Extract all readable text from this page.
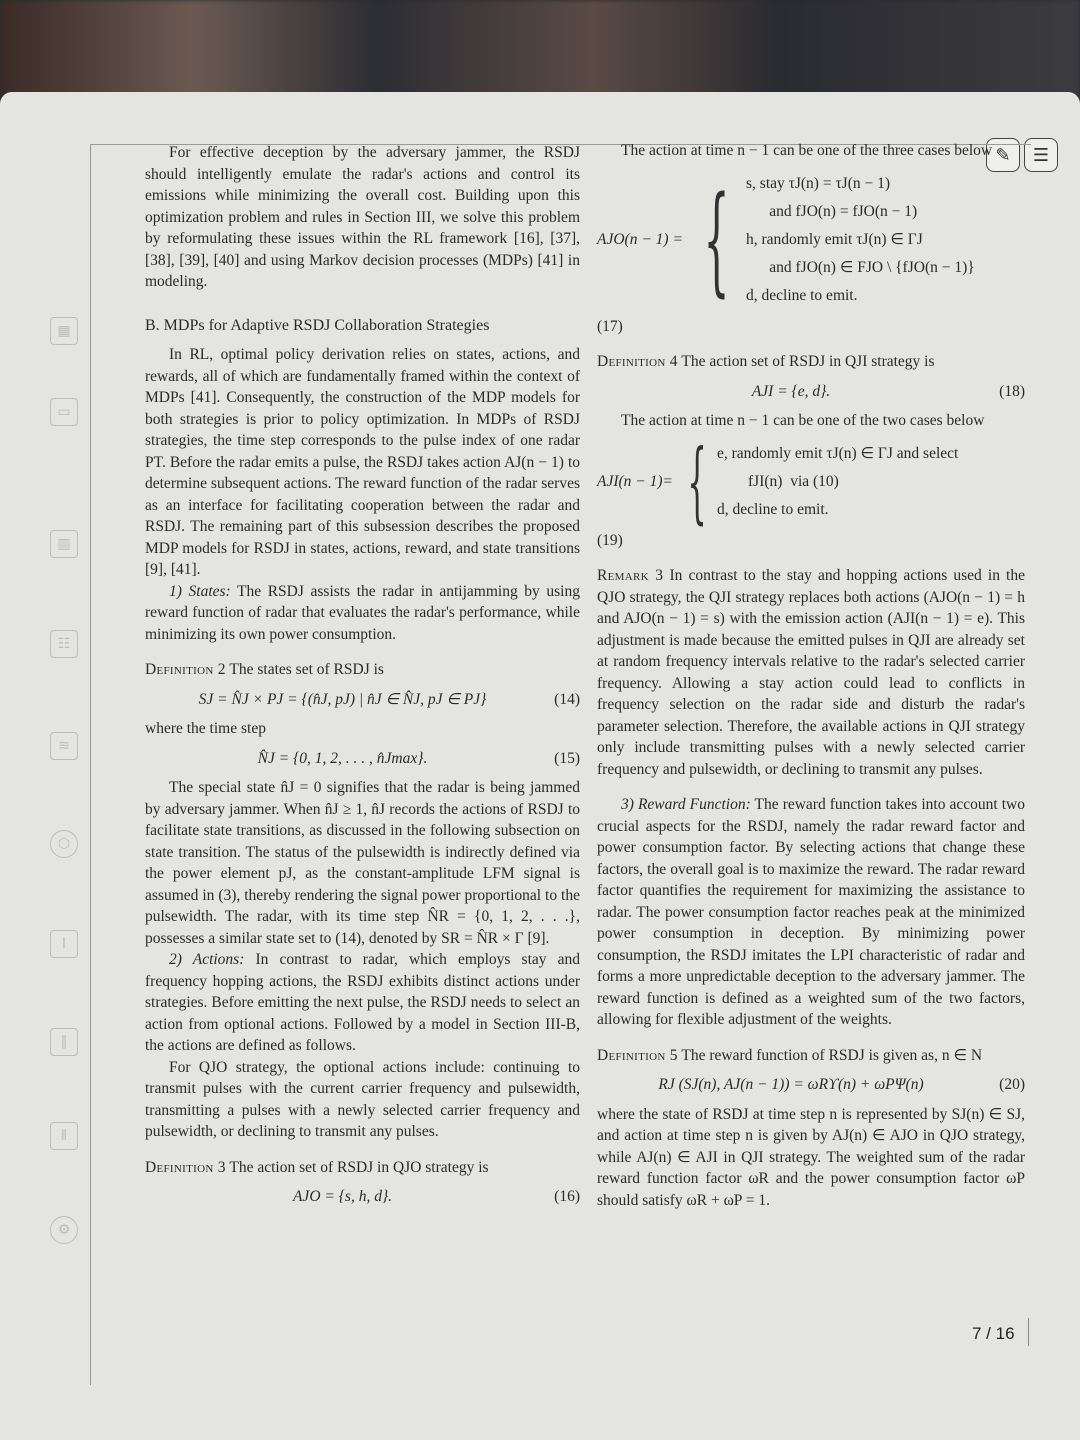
▦
▭
▥
☷
≋
⬡
I
∥
⦀
⚙
✎	☰

For effective deception by the adversary jammer, the RSDJ should intelligently emulate the radar's actions and control its emissions while minimizing the overall cost. Building upon this optimization problem and rules in Section III, we solve this problem by reformulating these issues within the RL framework [16], [37], [38], [39], [40] and using Markov decision processes (MDPs) [41] in modeling.

B. MDPs for Adaptive RSDJ Collaboration Strategies

In RL, optimal policy derivation relies on states, actions, and rewards, all of which are fundamentally framed within the context of MDPs [41]. Consequently, the construction of the MDP models for both strategies is prior to policy optimization. In MDPs of RSDJ strategies, the time step corresponds to the pulse index of one radar PT. Before the radar emits a pulse, the RSDJ takes action AJ(n − 1) to determine subsequent actions. The reward function of the radar serves as an interface for facilitating cooperation between the radar and RSDJ. The remaining part of this subsession describes the proposed MDP models for RSDJ in states, actions, reward, and state transitions [9], [41].

1) States: The RSDJ assists the radar in antijamming by using reward function of radar that evaluates the radar's performance, while minimizing its own power consumption.

Definition 2 The states set of RSDJ is

SJ = N̂J × PJ = {(n̂J, pJ) | n̂J ∈ N̂J, pJ ∈ PJ}	(14)

where the time step

N̂J = {0, 1, 2, . . . , n̂Jmax}.	(15)

The special state n̂J = 0 signifies that the radar is being jammed by adversary jammer. When n̂J ≥ 1, n̂J records the actions of RSDJ to facilitate state transitions, as discussed in the following subsection on state transition. The status of the pulsewidth is indirectly defined via the power element pJ, as the constant-amplitude LFM signal is assumed in (3), thereby rendering the signal power proportional to the pulsewidth. The radar, with its time step N̂R = {0, 1, 2, . . .}, possesses a similar state set to (14), denoted by SR = N̂R × Γ [9].

2) Actions: In contrast to radar, which employs stay and frequency hopping actions, the RSDJ exhibits distinct actions under strategies. Before emitting the next pulse, the RSDJ needs to select an action from optional actions. Followed by a model in Section III-B, the actions are defined as follows.

For QJO strategy, the optional actions include: continuing to transmit pulses with the current carrier frequency and pulsewidth, transmitting a pulses with a newly selected carrier frequency and pulsewidth, or declining to transmit any pulses.

Definition 3 The action set of RSDJ in QJO strategy is

AJO = {s, h, d}.	(16)

The action at time n − 1 can be one of the three cases below

AJO(n − 1) = { s, stay τJ(n) = τJ(n − 1)
and fJO(n) = fJO(n − 1)
h, randomly emit τJ(n) ∈ ΓJ
and fJO(n) ∈ FJO \ {fJO(n − 1)}
d, decline to emit.

(17)

Definition 4 The action set of RSDJ in QJI strategy is

AJI = {e, d}.	(18)

The action at time n − 1 can be one of the two cases below

AJI(n − 1)= { e, randomly emit τJ(n) ∈ ΓJ and select
fJI(n)  via (10)
d, decline to emit.

(19)

Remark 3 In contrast to the stay and hopping actions used in the QJO strategy, the QJI strategy replaces both actions (AJO(n − 1) = h and AJO(n − 1) = s) with the emission action (AJI(n − 1) = e). This adjustment is made because the emitted pulses in QJI are already set at random frequency intervals relative to the radar's selected carrier frequency. Allowing a stay action could lead to conflicts in frequency selection on the radar side and disturb the radar's parameter selection. Therefore, the available actions in QJI strategy only include transmitting pulses with a newly selected carrier frequency and pulsewidth, or declining to transmit any pulses.

3) Reward Function: The reward function takes into account two crucial aspects for the RSDJ, namely the radar reward factor and power consumption factor. By selecting actions that change these factors, the overall goal is to maximize the reward. The radar reward factor quantifies the requirement for maximizing the assistance to radar. The power consumption factor reaches peak at the minimized power consumption in deception. By minimizing power consumption, the RSDJ imitates the LPI characteristic of radar and forms a more unpredictable deception to the adversary jammer. The reward function is defined as a weighted sum of the two factors, allowing for flexible adjustment of the weights.

Definition 5 The reward function of RSDJ is given as, n ∈ N

RJ (SJ(n), AJ(n − 1)) = ωRϒ(n) + ωPΨ(n)	(20)

where the state of RSDJ at time step n is represented by SJ(n) ∈ SJ, and action at time step n is given by AJ(n) ∈ AJO in QJO strategy, while AJ(n) ∈ AJI in QJI strategy. The weighted sum of the radar reward function factor ωR and the power consumption factor ωP should satisfy ωR + ωP = 1.

7 / 16
